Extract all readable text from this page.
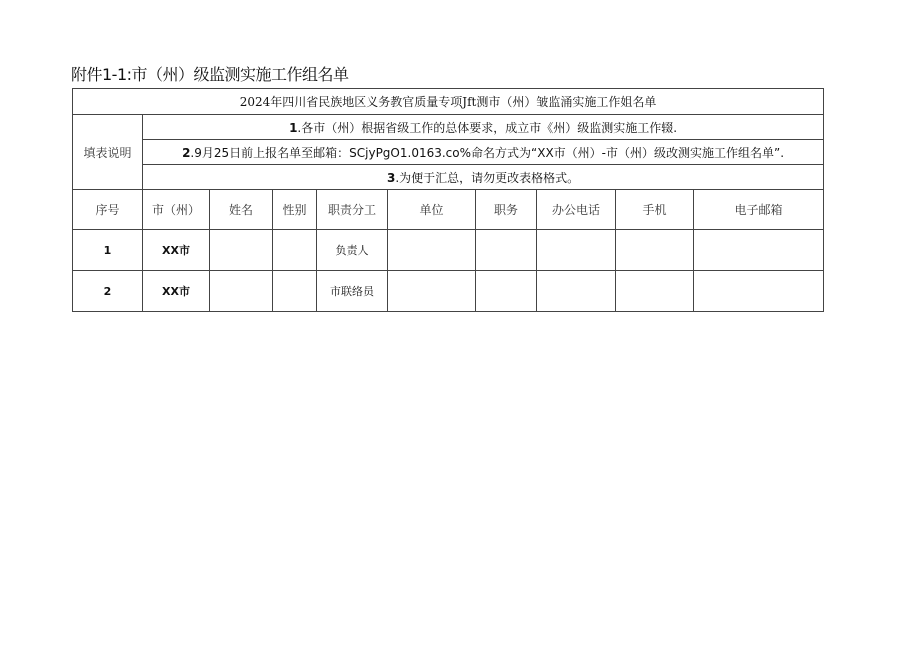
附件1-1:市（州）级监测实施工作组名单
2024年四川省民族地区义务教官质量专项Jft测市（州）皱监涌实施工作姐名单									
填表说明	1.各市（州）根据省级工作的总体要求，成立市《州）级监测实施工作辍.								
	2.9月25日前上报名单至邮箱：SCjyPgO1.0163.co%命名方式为“XX市（州）-市（州）级改测实施工作组名单”.								
	3.为便于汇总，请勿更改表格格式。								
序号	市（州）	姓名	性别	职责分工	单位	职务	办公电话	手机	电子邮箱
1	XX市			负责人					
2	XX市			市联络员					
